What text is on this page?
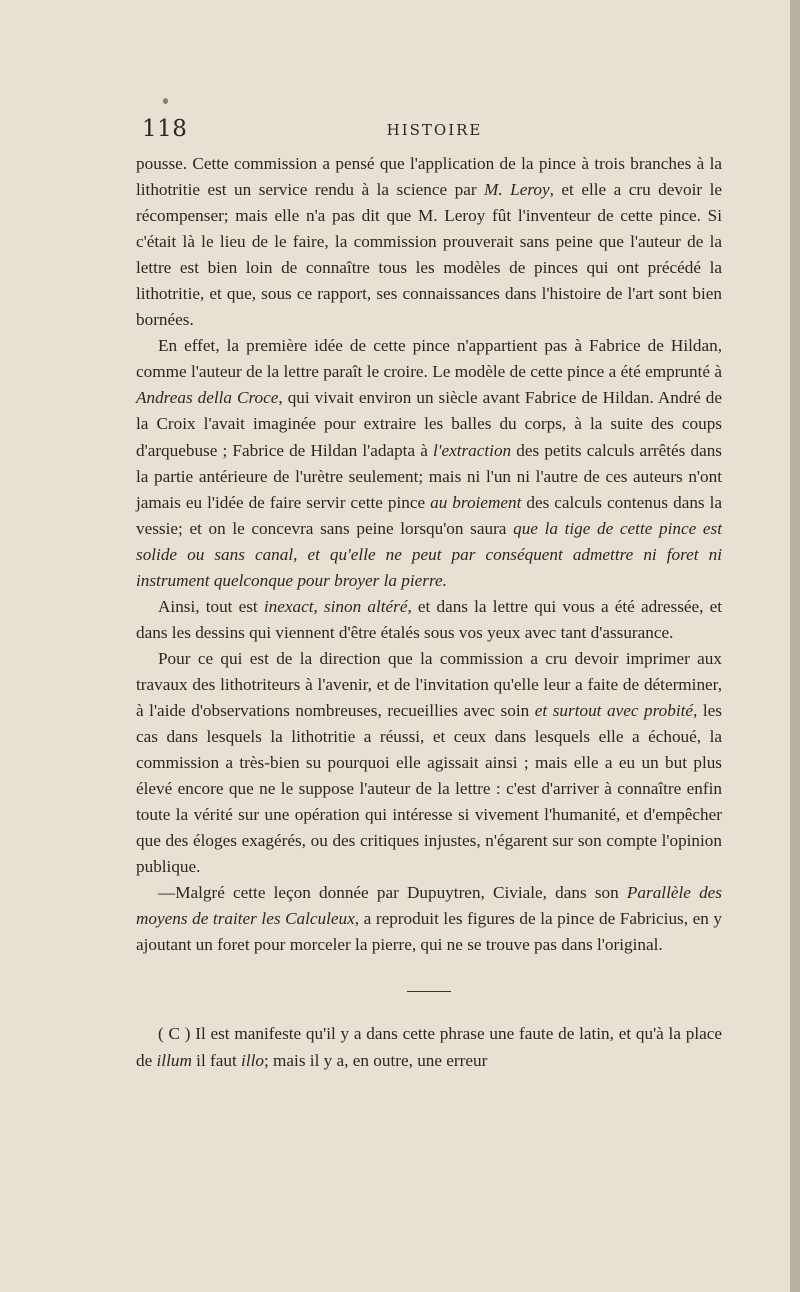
118	HISTOIRE

pousse. Cette commission a pensé que l'application de la pince à trois branches à la lithotritie est un service rendu à la science par M. Leroy, et elle a cru devoir le récompenser; mais elle n'a pas dit que M. Leroy fût l'inventeur de cette pince. Si c'était là le lieu de le faire, la commission prouverait sans peine que l'auteur de la lettre est bien loin de connaître tous les modèles de pinces qui ont précédé la lithotritie, et que, sous ce rapport, ses connaissances dans l'histoire de l'art sont bien bornées.

En effet, la première idée de cette pince n'appartient pas à Fabrice de Hildan, comme l'auteur de la lettre paraît le croire. Le modèle de cette pince a été emprunté à Andreas della Croce, qui vivait environ un siècle avant Fabrice de Hildan. André de la Croix l'avait imaginée pour extraire les balles du corps, à la suite des coups d'arquebuse ; Fabrice de Hildan l'adapta à l'extraction des petits calculs arrêtés dans la partie antérieure de l'urètre seulement; mais ni l'un ni l'autre de ces auteurs n'ont jamais eu l'idée de faire servir cette pince au broiement des calculs contenus dans la vessie; et on le concevra sans peine lorsqu'on saura que la tige de cette pince est solide ou sans canal, et qu'elle ne peut par conséquent admettre ni foret ni instrument quelconque pour broyer la pierre.

Ainsi, tout est inexact, sinon altéré, et dans la lettre qui vous a été adressée, et dans les dessins qui viennent d'être étalés sous vos yeux avec tant d'assurance.

Pour ce qui est de la direction que la commission a cru devoir imprimer aux travaux des lithotriteurs à l'avenir, et de l'invitation qu'elle leur a faite de déterminer, à l'aide d'observations nombreuses, recueillies avec soin et surtout avec probité, les cas dans lesquels la lithotritie a réussi, et ceux dans lesquels elle a échoué, la commission a très-bien su pourquoi elle agissait ainsi ; mais elle a eu un but plus élevé encore que ne le suppose l'auteur de la lettre : c'est d'arriver à connaître enfin toute la vérité sur une opération qui intéresse si vivement l'humanité, et d'empêcher que des éloges exagérés, ou des critiques injustes, n'égarent sur son compte l'opinion publique.

—Malgré cette leçon donnée par Dupuytren, Civiale, dans son Parallèle des moyens de traiter les Calculeux, a reproduit les figures de la pince de Fabricius, en y ajoutant un foret pour morceler la pierre, qui ne se trouve pas dans l'original.

( C ) Il est manifeste qu'il y a dans cette phrase une faute de latin, et qu'à la place de illum il faut illo; mais il y a, en outre, une erreur
